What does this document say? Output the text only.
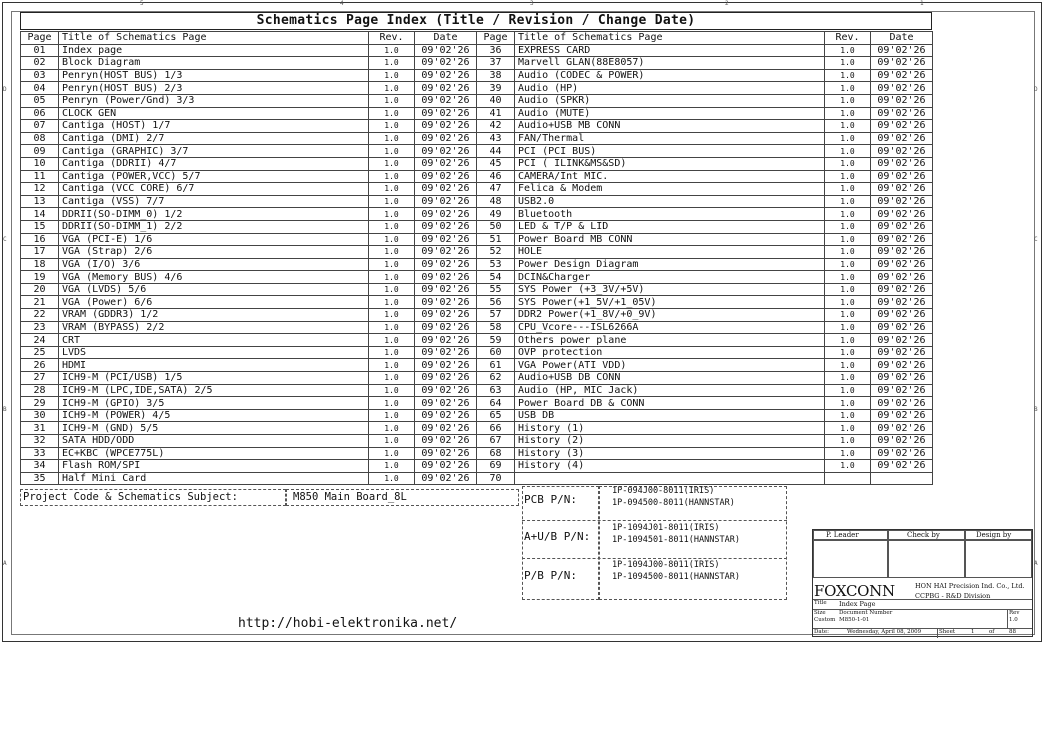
5	4	3	2	1
D
C
B
A
D
C
B
A
Schematics Page Index (Title / Revision / Change Date)
Page	Title of Schematics Page	Rev.	Date
01	Index page	1.0	09'02'26
02	Block Diagram	1.0	09'02'26
03	Penryn(HOST BUS) 1/3	1.0	09'02'26
04	Penryn(HOST BUS) 2/3	1.0	09'02'26
05	Penryn (Power/Gnd) 3/3	1.0	09'02'26
06	CLOCK GEN	1.0	09'02'26
07	Cantiga (HOST) 1/7	1.0	09'02'26
08	Cantiga (DMI) 2/7	1.0	09'02'26
09	Cantiga (GRAPHIC) 3/7	1.0	09'02'26
10	Cantiga (DDRII) 4/7	1.0	09'02'26
11	Cantiga (POWER,VCC) 5/7	1.0	09'02'26
12	Cantiga (VCC CORE) 6/7	1.0	09'02'26
13	Cantiga (VSS) 7/7	1.0	09'02'26
14	DDRII(SO-DIMM_0) 1/2	1.0	09'02'26
15	DDRII(SO-DIMM_1) 2/2	1.0	09'02'26
16	VGA (PCI-E) 1/6	1.0	09'02'26
17	VGA (Strap) 2/6	1.0	09'02'26
18	VGA (I/O) 3/6	1.0	09'02'26
19	VGA (Memory BUS) 4/6	1.0	09'02'26
20	VGA (LVDS) 5/6	1.0	09'02'26
21	VGA (Power) 6/6	1.0	09'02'26
22	VRAM (GDDR3) 1/2	1.0	09'02'26
23	VRAM (BYPASS) 2/2	1.0	09'02'26
24	CRT	1.0	09'02'26
25	LVDS	1.0	09'02'26
26	HDMI	1.0	09'02'26
27	ICH9-M (PCI/USB) 1/5	1.0	09'02'26
28	ICH9-M (LPC,IDE,SATA) 2/5	1.0	09'02'26
29	ICH9-M (GPIO) 3/5	1.0	09'02'26
30	ICH9-M (POWER) 4/5	1.0	09'02'26
31	ICH9-M (GND) 5/5	1.0	09'02'26
32	SATA HDD/ODD	1.0	09'02'26
33	EC+KBC (WPCE775L)	1.0	09'02'26
34	Flash ROM/SPI	1.0	09'02'26
35	Half Mini Card	1.0	09'02'26
Page	Title of Schematics Page	Rev.	Date
36	EXPRESS CARD	1.0	09'02'26
37	Marvell GLAN(88E8057)	1.0	09'02'26
38	Audio (CODEC & POWER)	1.0	09'02'26
39	Audio (HP)	1.0	09'02'26
40	Audio (SPKR)	1.0	09'02'26
41	Audio (MUTE)	1.0	09'02'26
42	Audio+USB MB CONN	1.0	09'02'26
43	FAN/Thermal	1.0	09'02'26
44	PCI (PCI BUS)	1.0	09'02'26
45	PCI ( ILINK&MS&SD)	1.0	09'02'26
46	CAMERA/Int MIC.	1.0	09'02'26
47	Felica & Modem	1.0	09'02'26
48	USB2.0	1.0	09'02'26
49	Bluetooth	1.0	09'02'26
50	LED & T/P & LID	1.0	09'02'26
51	Power Board MB CONN	1.0	09'02'26
52	HOLE	1.0	09'02'26
53	Power Design Diagram	1.0	09'02'26
54	DCIN&Charger	1.0	09'02'26
55	SYS Power (+3_3V/+5V)	1.0	09'02'26
56	SYS Power(+1_5V/+1_05V)	1.0	09'02'26
57	DDR2 Power(+1_8V/+0_9V)	1.0	09'02'26
58	CPU_Vcore---ISL6266A	1.0	09'02'26
59	Others power plane	1.0	09'02'26
60	OVP protection	1.0	09'02'26
61	VGA Power(ATI VDD)	1.0	09'02'26
62	Audio+USB DB CONN	1.0	09'02'26
63	Audio (HP, MIC Jack)	1.0	09'02'26
64	Power Board DB & CONN	1.0	09'02'26
65	USB DB	1.0	09'02'26
66	History (1)	1.0	09'02'26
67	History (2)	1.0	09'02'26
68	History (3)	1.0	09'02'26
69	History (4)	1.0	09'02'26
70			
Project Code & Schematics Subject:	M850 Main Board_8L	PCB P/N:
1P-094J00-8011(IRIS)
1P-094500-8011(HANNSTAR)
A+U/B P/N:
1P-1094J01-8011(IRIS)
1P-1094501-8011(HANNSTAR)
P/B P/N:
1P-1094J00-8011(IRIS)
1P-1094500-8011(HANNSTAR)
http://hobi-elektronika.net/
P. Leader	Check by	Design by
FOXCONN	HON HAI Precision Ind. Co., Ltd.
CCPBG - R&D Division
Title Index Page
Size
Custom
Document Number
M850-1-01
Rev
1.0
Date:	Wednesday, April 08, 2009	Sheet	1	of	88
